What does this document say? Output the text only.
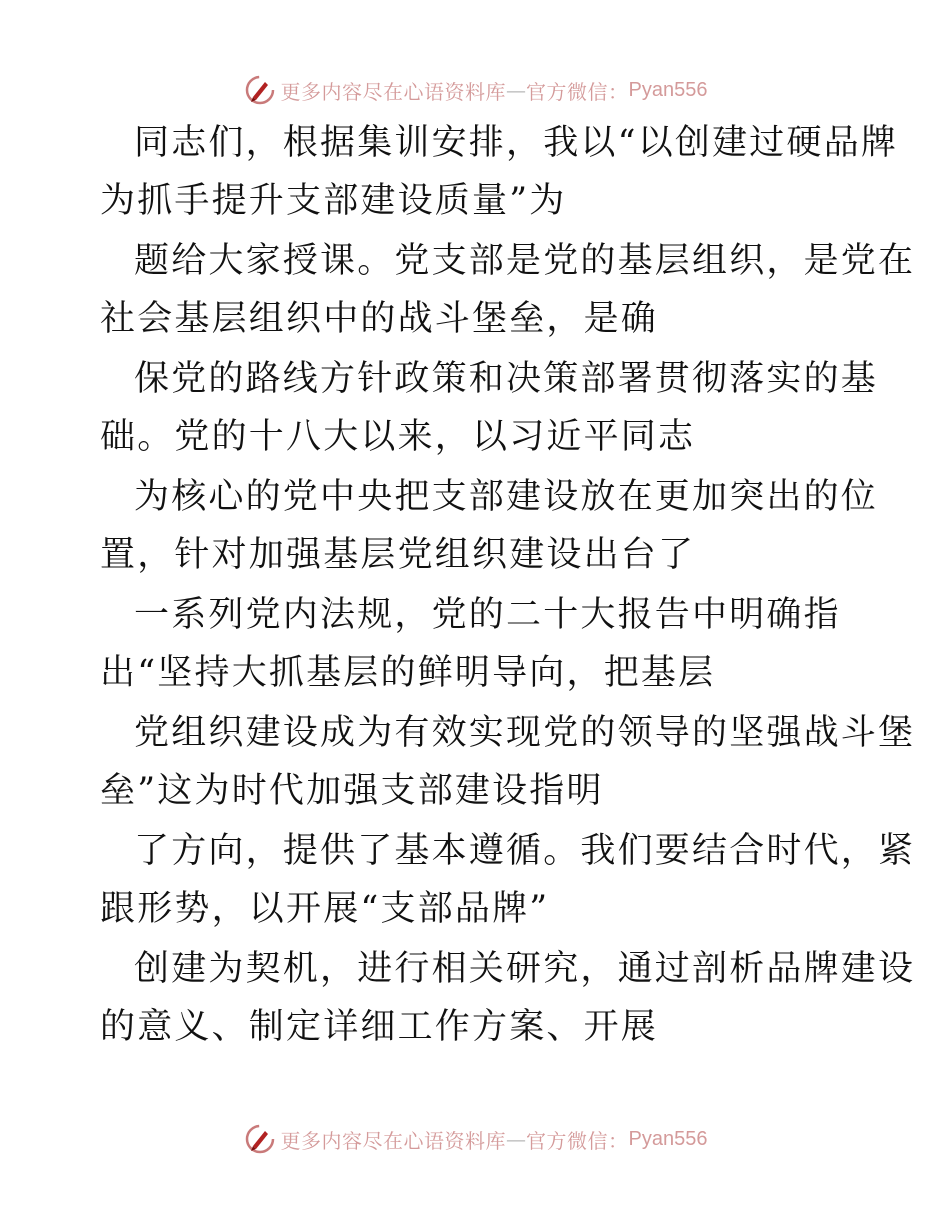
更多内容尽在心语资料库 — 官方微信： Pyan556
同志们，根据集训安排，我以“以创建过硬品牌
为抓手提升支部建设质量”为
题给大家授课。党支部是党的基层组织，是党在
社会基层组织中的战斗堡垒，是确
保党的路线方针政策和决策部署贯彻落实的基
础。党的十八大以来，以习近平同志
为核心的党中央把支部建设放在更加突出的位
置，针对加强基层党组织建设出台了
一系列党内法规，党的二十大报告中明确指
出“坚持大抓基层的鲜明导向，把基层
党组织建设成为有效实现党的领导的坚强战斗堡
垒”这为时代加强支部建设指明
了方向，提供了基本遵循。我们要结合时代，紧
跟形势，以开展“支部品牌”
创建为契机，进行相关研究，通过剖析品牌建设
的意义、制定详细工作方案、开展
更多内容尽在心语资料库 — 官方微信： Pyan556
